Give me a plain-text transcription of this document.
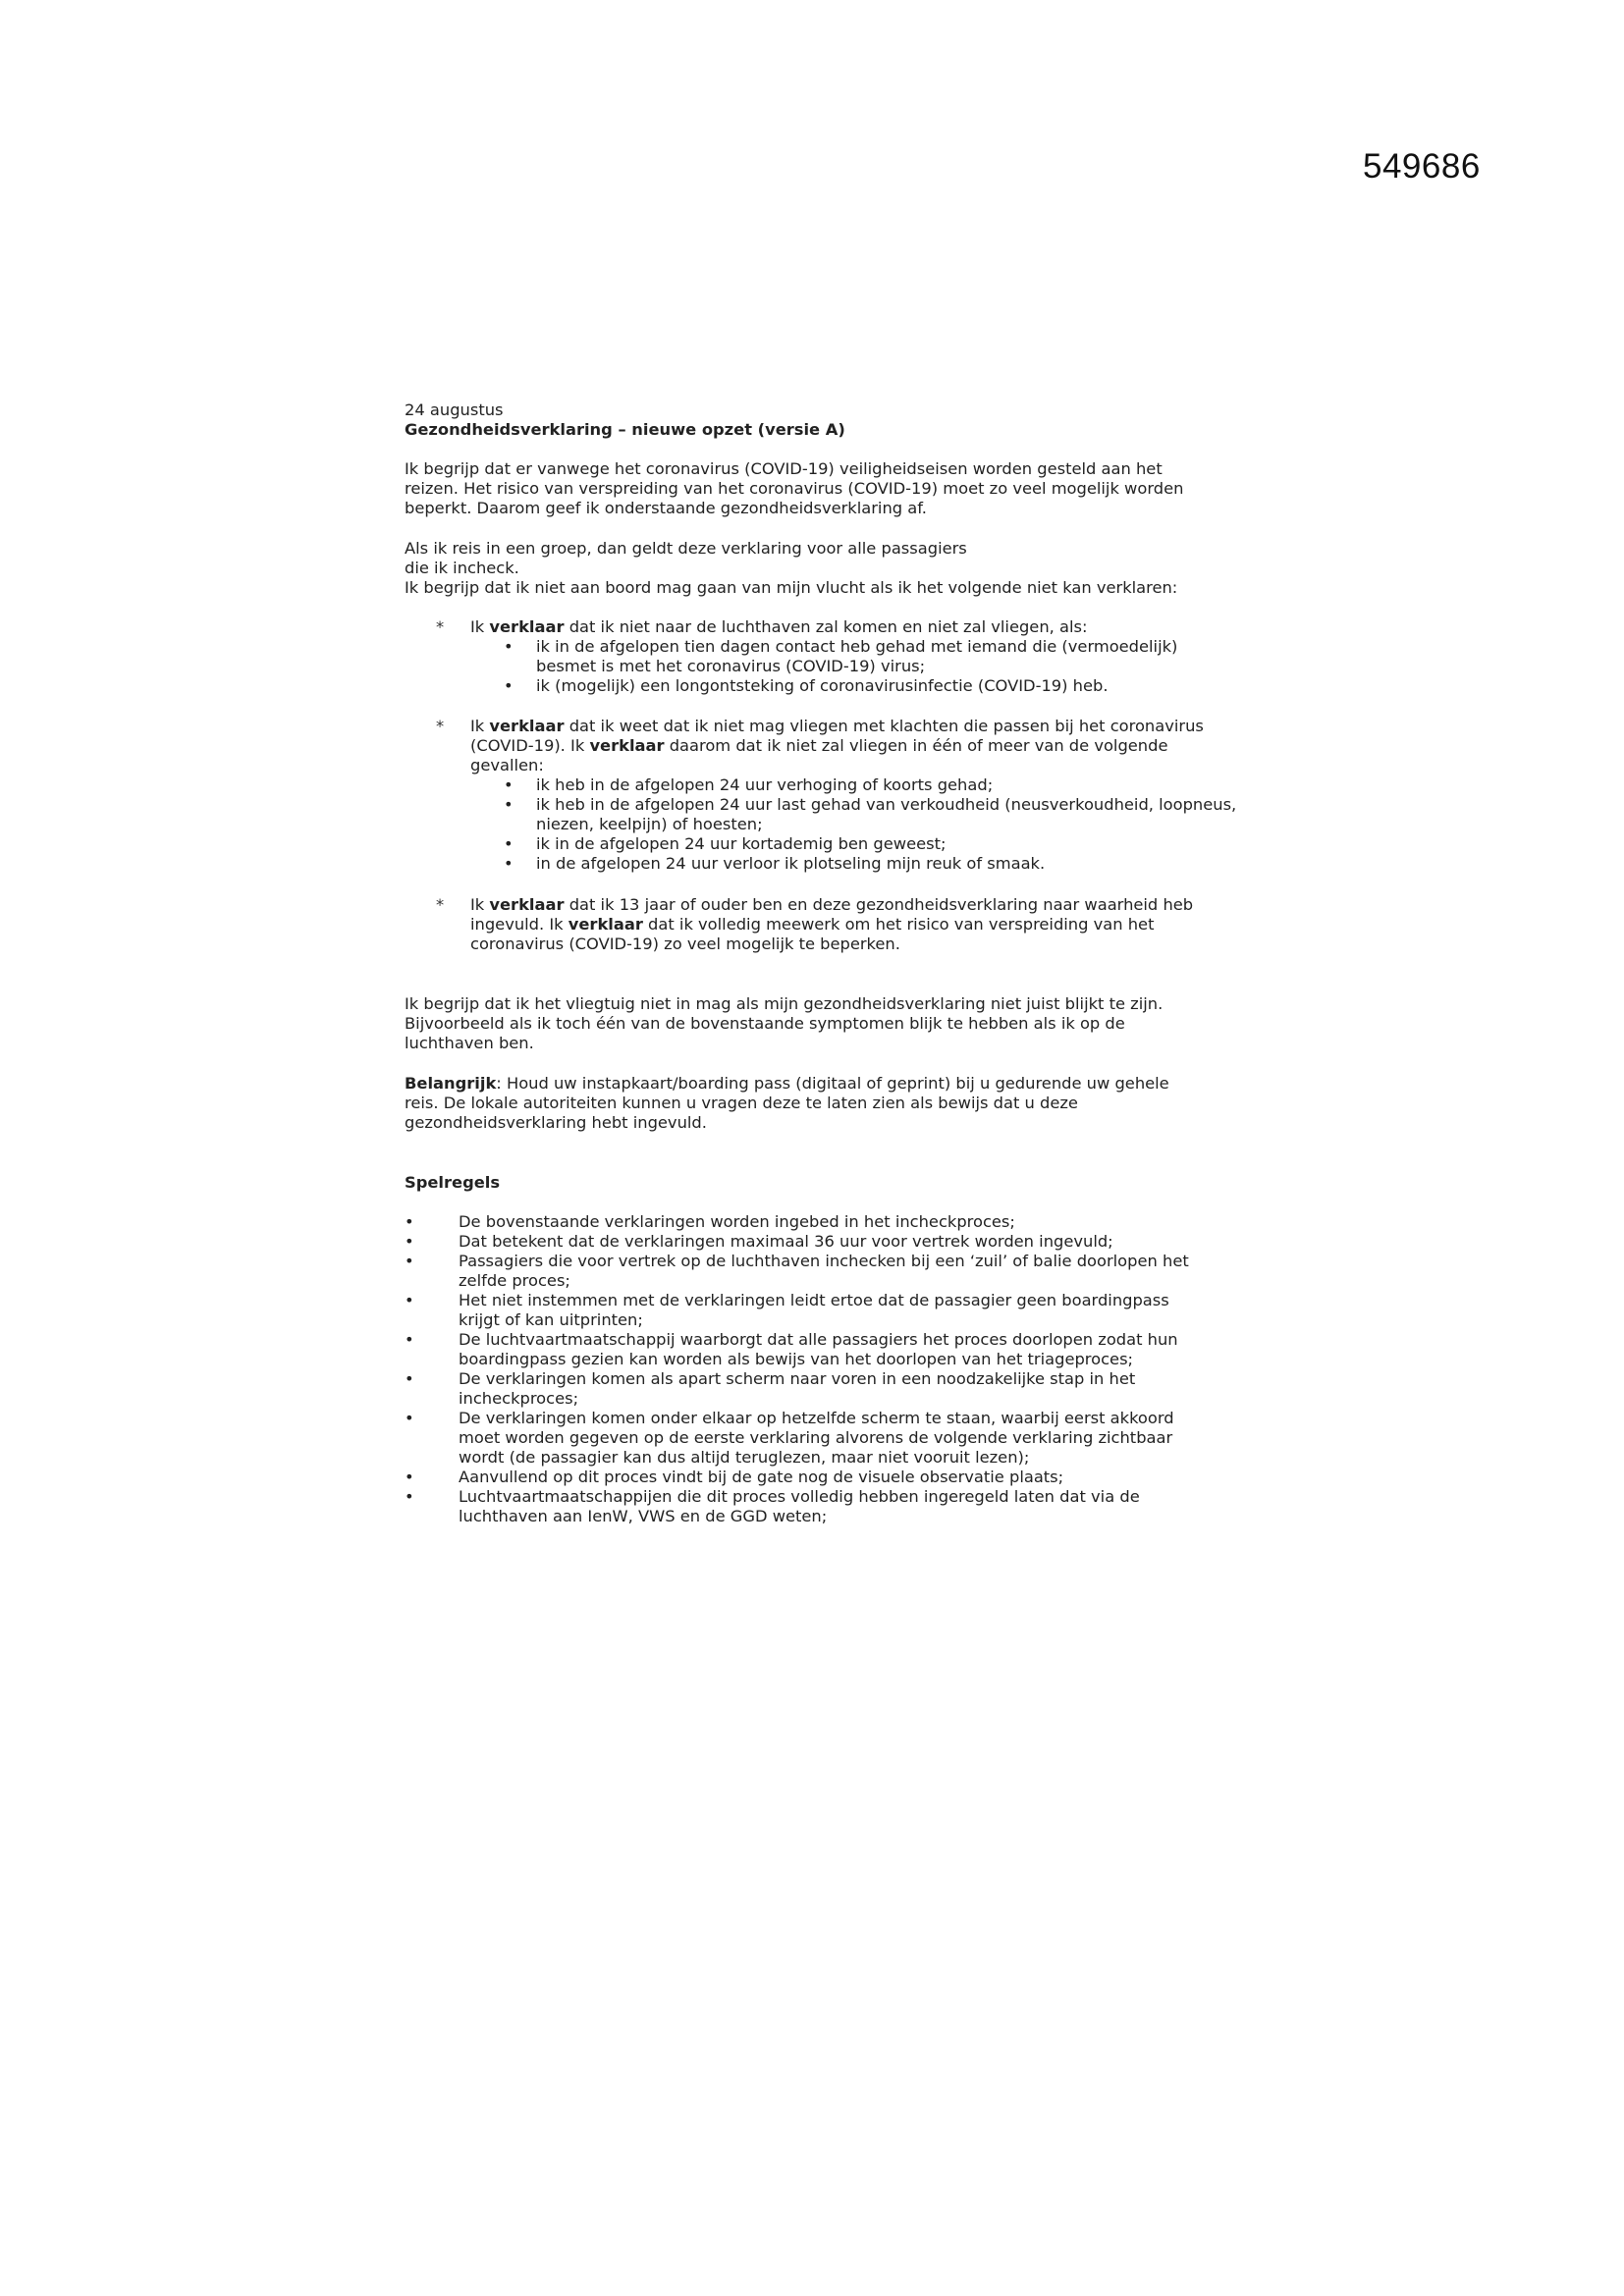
549686

24 augustus

Gezondheidsverklaring – nieuwe opzet (versie A)

Ik begrijp dat er vanwege het coronavirus (COVID-19) veiligheidseisen worden gesteld aan het

reizen. Het risico van verspreiding van het coronavirus (COVID-19) moet zo veel mogelijk worden

beperkt. Daarom geef ik onderstaande gezondheidsverklaring af.

Als ik reis in een groep, dan geldt deze verklaring voor alle passagiers

die ik incheck.

Ik begrijp dat ik niet aan boord mag gaan van mijn vlucht als ik het volgende niet kan verklaren:

* Ik verklaar dat ik niet naar de luchthaven zal komen en niet zal vliegen, als:

• ik in de afgelopen tien dagen contact heb gehad met iemand die (vermoedelijk) besmet is met het coronavirus (COVID-19) virus;
• ik (mogelijk) een longontsteking of coronavirusinfectie (COVID-19) heb.
* Ik verklaar dat ik weet dat ik niet mag vliegen met klachten die passen bij het coronavirus (COVID-19). Ik verklaar daarom dat ik niet zal vliegen in één of meer van de volgende gevallen:

• ik heb in de afgelopen 24 uur verhoging of koorts gehad;
• ik heb in de afgelopen 24 uur last gehad van verkoudheid (neusverkoudheid, loopneus, niezen, keelpijn) of hoesten;
• ik in de afgelopen 24 uur kortademig ben geweest;
• in de afgelopen 24 uur verloor ik plotseling mijn reuk of smaak.
* Ik verklaar dat ik 13 jaar of ouder ben en deze gezondheidsverklaring naar waarheid heb ingevuld. Ik verklaar dat ik volledig meewerk om het risico van verspreiding van het coronavirus (COVID-19) zo veel mogelijk te beperken.

Ik begrijp dat ik het vliegtuig niet in mag als mijn gezondheidsverklaring niet juist blijkt te zijn.

Bijvoorbeeld als ik toch één van de bovenstaande symptomen blijk te hebben als ik op de

luchthaven ben.

Belangrijk: Houd uw instapkaart/boarding pass (digitaal of geprint) bij u gedurende uw gehele

reis. De lokale autoriteiten kunnen u vragen deze te laten zien als bewijs dat u deze

gezondheidsverklaring hebt ingevuld.

Spelregels

•	De bovenstaande verklaringen worden ingebed in het incheckproces;

•	Dat betekent dat de verklaringen maximaal 36 uur voor vertrek worden ingevuld;

•	Passagiers die voor vertrek op de luchthaven inchecken bij een ‘zuil’ of balie doorlopen het

zelfde proces;

•	Het niet instemmen met de verklaringen leidt ertoe dat de passagier geen boardingpass

krijgt of kan uitprinten;

•	De luchtvaartmaatschappij waarborgt dat alle passagiers het proces doorlopen zodat hun

boardingpass gezien kan worden als bewijs van het doorlopen van het triageproces;

•	De verklaringen komen als apart scherm naar voren in een noodzakelijke stap in het

incheckproces;

•	De verklaringen komen onder elkaar op hetzelfde scherm te staan, waarbij eerst akkoord

moet worden gegeven op de eerste verklaring alvorens de volgende verklaring zichtbaar

wordt (de passagier kan dus altijd teruglezen, maar niet vooruit lezen);

•	Aanvullend op dit proces vindt bij de gate nog de visuele observatie plaats;

•	Luchtvaartmaatschappijen die dit proces volledig hebben ingeregeld laten dat via de

luchthaven aan IenW, VWS en de GGD weten;
